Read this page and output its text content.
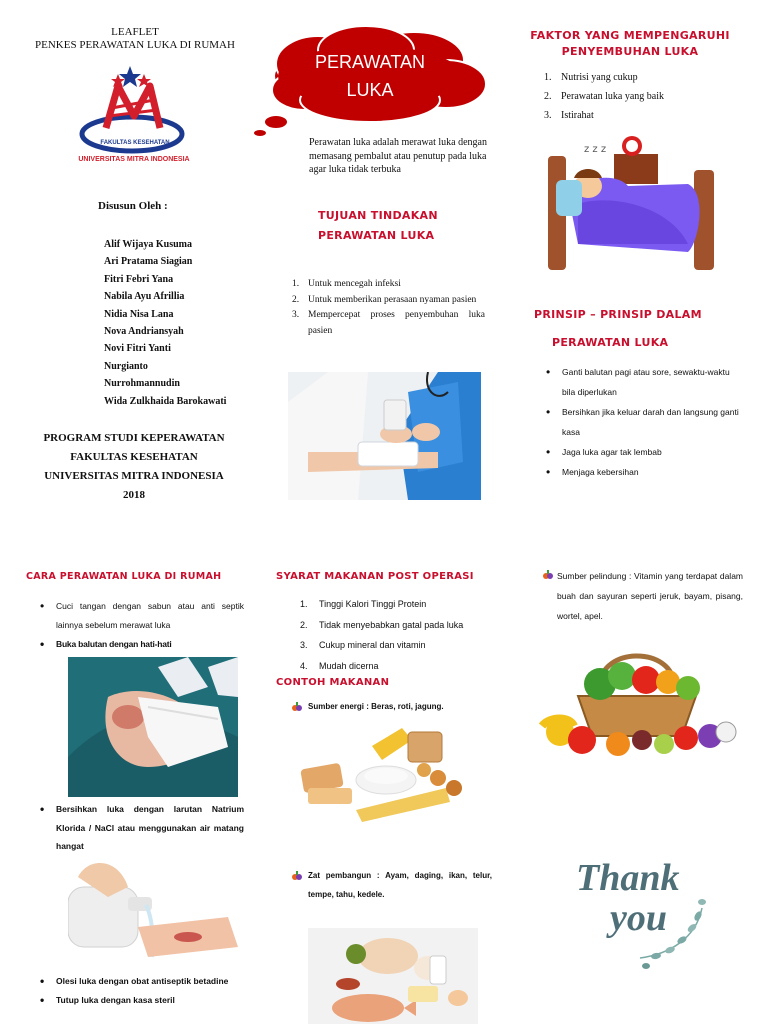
LEAFLET
PENKES PERAWATAN LUKA DI RUMAH
FAKULTAS KESEHATAN
UNIVERSITAS MITRA INDONESIA
Disusun Oleh :
Alif Wijaya Kusuma
Ari Pratama Siagian
Fitri Febri Yana
Nabila Ayu Afrillia
Nidia Nisa Lana
Nova Andriansyah
Novi Fitri Yanti
Nurgianto
Nurrohmannudin
Wida Zulkhaida Barokawati
PROGRAM STUDI KEPERAWATAN
FAKULTAS KESEHATAN
UNIVERSITAS MITRA INDONESIA
2018
PERAWATAN
LUKA
Perawatan luka adalah merawat luka dengan memasang pembalut atau penutup pada luka agar luka tidak terbuka
TUJUAN TINDAKAN
PERAWATAN LUKA
1. Untuk mencegah infeksi
2. Untuk memberikan perasaan nyaman pasien
3. Mempercepat proses penyembuhan luka pasien
FAKTOR YANG MEMPENGARUHI
PENYEMBUHAN LUKA
1. Nutrisi yang cukup
2. Perawatan luka yang baik
3. Istirahat
z z z
PRINSIP – PRINSIP DALAM
PERAWATAN LUKA
• Ganti balutan pagi atau sore, sewaktu-waktu bila diperlukan
• Bersihkan jika keluar darah dan langsung ganti kasa
• Jaga luka agar tak lembab
• Menjaga kebersihan
CARA PERAWATAN LUKA DI RUMAH
• Cuci tangan dengan sabun atau anti septik lainnya sebelum merawat luka
• Buka balutan dengan hati-hati
• Bersihkan luka dengan larutan Natrium Klorida / NaCl atau menggunakan air matang hangat
• Olesi luka dengan obat antiseptik betadine
• Tutup luka dengan kasa steril
SYARAT MAKANAN POST OPERASI
1. Tinggi Kalori Tinggi Protein
2. Tidak menyebabkan gatal pada luka
3. Cukup mineral dan vitamin
4. Mudah dicerna
CONTOH MAKANAN
Sumber energi : Beras, roti, jagung.
Zat pembangun : Ayam, daging, ikan, telur, tempe, tahu, kedele.
Sumber pelindung : Vitamin yang terdapat dalam buah dan sayuran seperti jeruk, bayam, pisang, wortel, apel.
Thank
you
